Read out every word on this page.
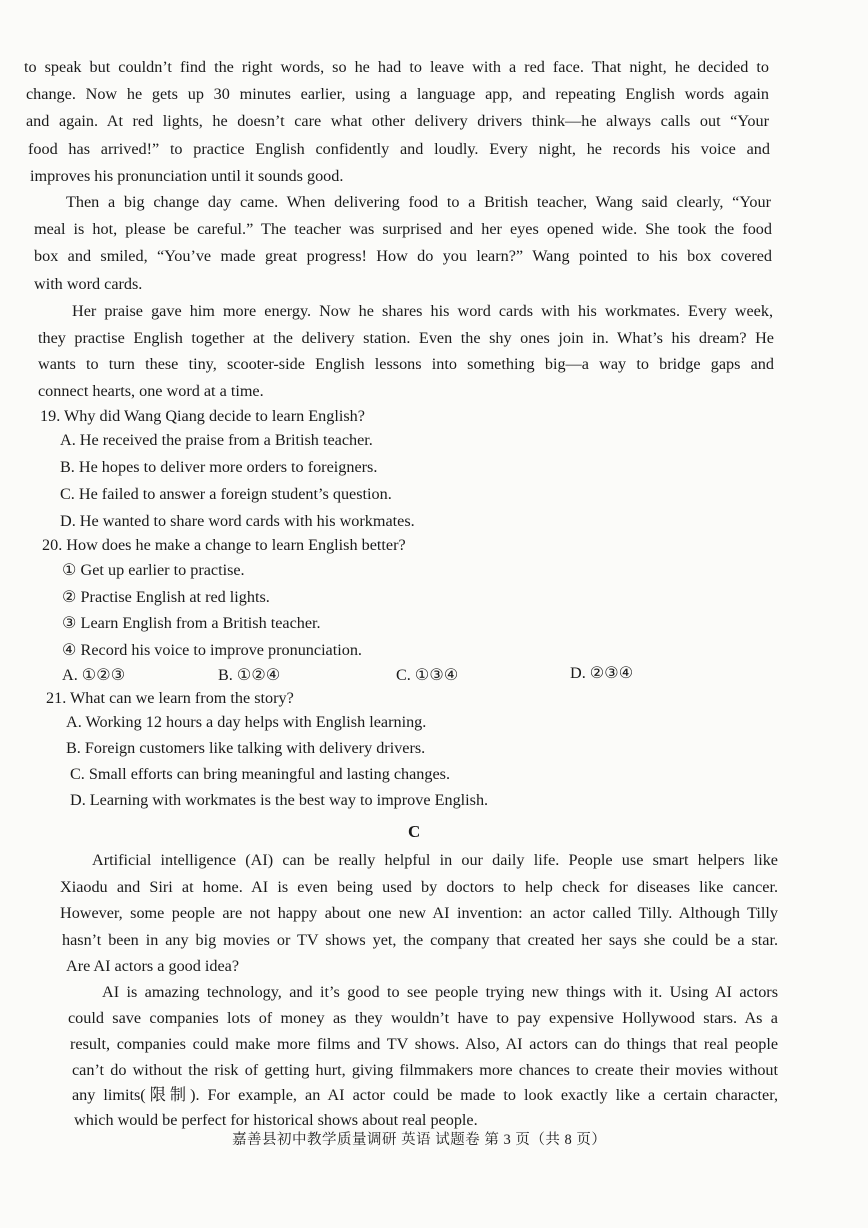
to speak but couldn’t find the right words, so he had to leave with a red face. That night, he decided to
change. Now he gets up 30 minutes earlier, using a language app, and repeating English words again
and again. At red lights, he doesn’t care what other delivery drivers think—he always calls out “Your
food has arrived!” to practice English confidently and loudly. Every night, he records his voice and
improves his pronunciation until it sounds good.
Then a big change day came. When delivering food to a British teacher, Wang said clearly, “Your
meal is hot, please be careful.” The teacher was surprised and her eyes opened wide. She took the food
box and smiled, “You’ve made great progress! How do you learn?” Wang pointed to his box covered
with word cards.
Her praise gave him more energy. Now he shares his word cards with his workmates. Every week,
they practise English together at the delivery station. Even the shy ones join in. What’s his dream? He
wants to turn these tiny, scooter-side English lessons into something big—a way to bridge gaps and
connect hearts, one word at a time.
19. Why did Wang Qiang decide to learn English?
A. He received the praise from a British teacher.
B. He hopes to deliver more orders to foreigners.
C. He failed to answer a foreign student’s question.
D. He wanted to share word cards with his workmates.
20. How does he make a change to learn English better?
① Get up earlier to practise.
② Practise English at red lights.
③ Learn English from a British teacher.
④ Record his voice to improve pronunciation.
A. ①②③	B. ①②④	C. ①③④	D. ②③④
21. What can we learn from the story?
A. Working 12 hours a day helps with English learning.
B. Foreign customers like talking with delivery drivers.
C. Small efforts can bring meaningful and lasting changes.
D. Learning with workmates is the best way to improve English.
C
Artificial intelligence (AI) can be really helpful in our daily life. People use smart helpers like
Xiaodu and Siri at home. AI is even being used by doctors to help check for diseases like cancer.
However, some people are not happy about one new AI invention: an actor called Tilly. Although Tilly
hasn’t been in any big movies or TV shows yet, the company that created her says she could be a star.
Are AI actors a good idea?
AI is amazing technology, and it’s good to see people trying new things with it. Using AI actors
could save companies lots of money as they wouldn’t have to pay expensive Hollywood stars. As a
result, companies could make more films and TV shows. Also, AI actors can do things that real people
can’t do without the risk of getting hurt, giving filmmakers more chances to create their movies without
any limits(限制). For example, an AI actor could be made to look exactly like a certain character,
which would be perfect for historical shows about real people.
嘉善县初中教学质量调研 英语 试题卷 第 3 页（共 8 页）
